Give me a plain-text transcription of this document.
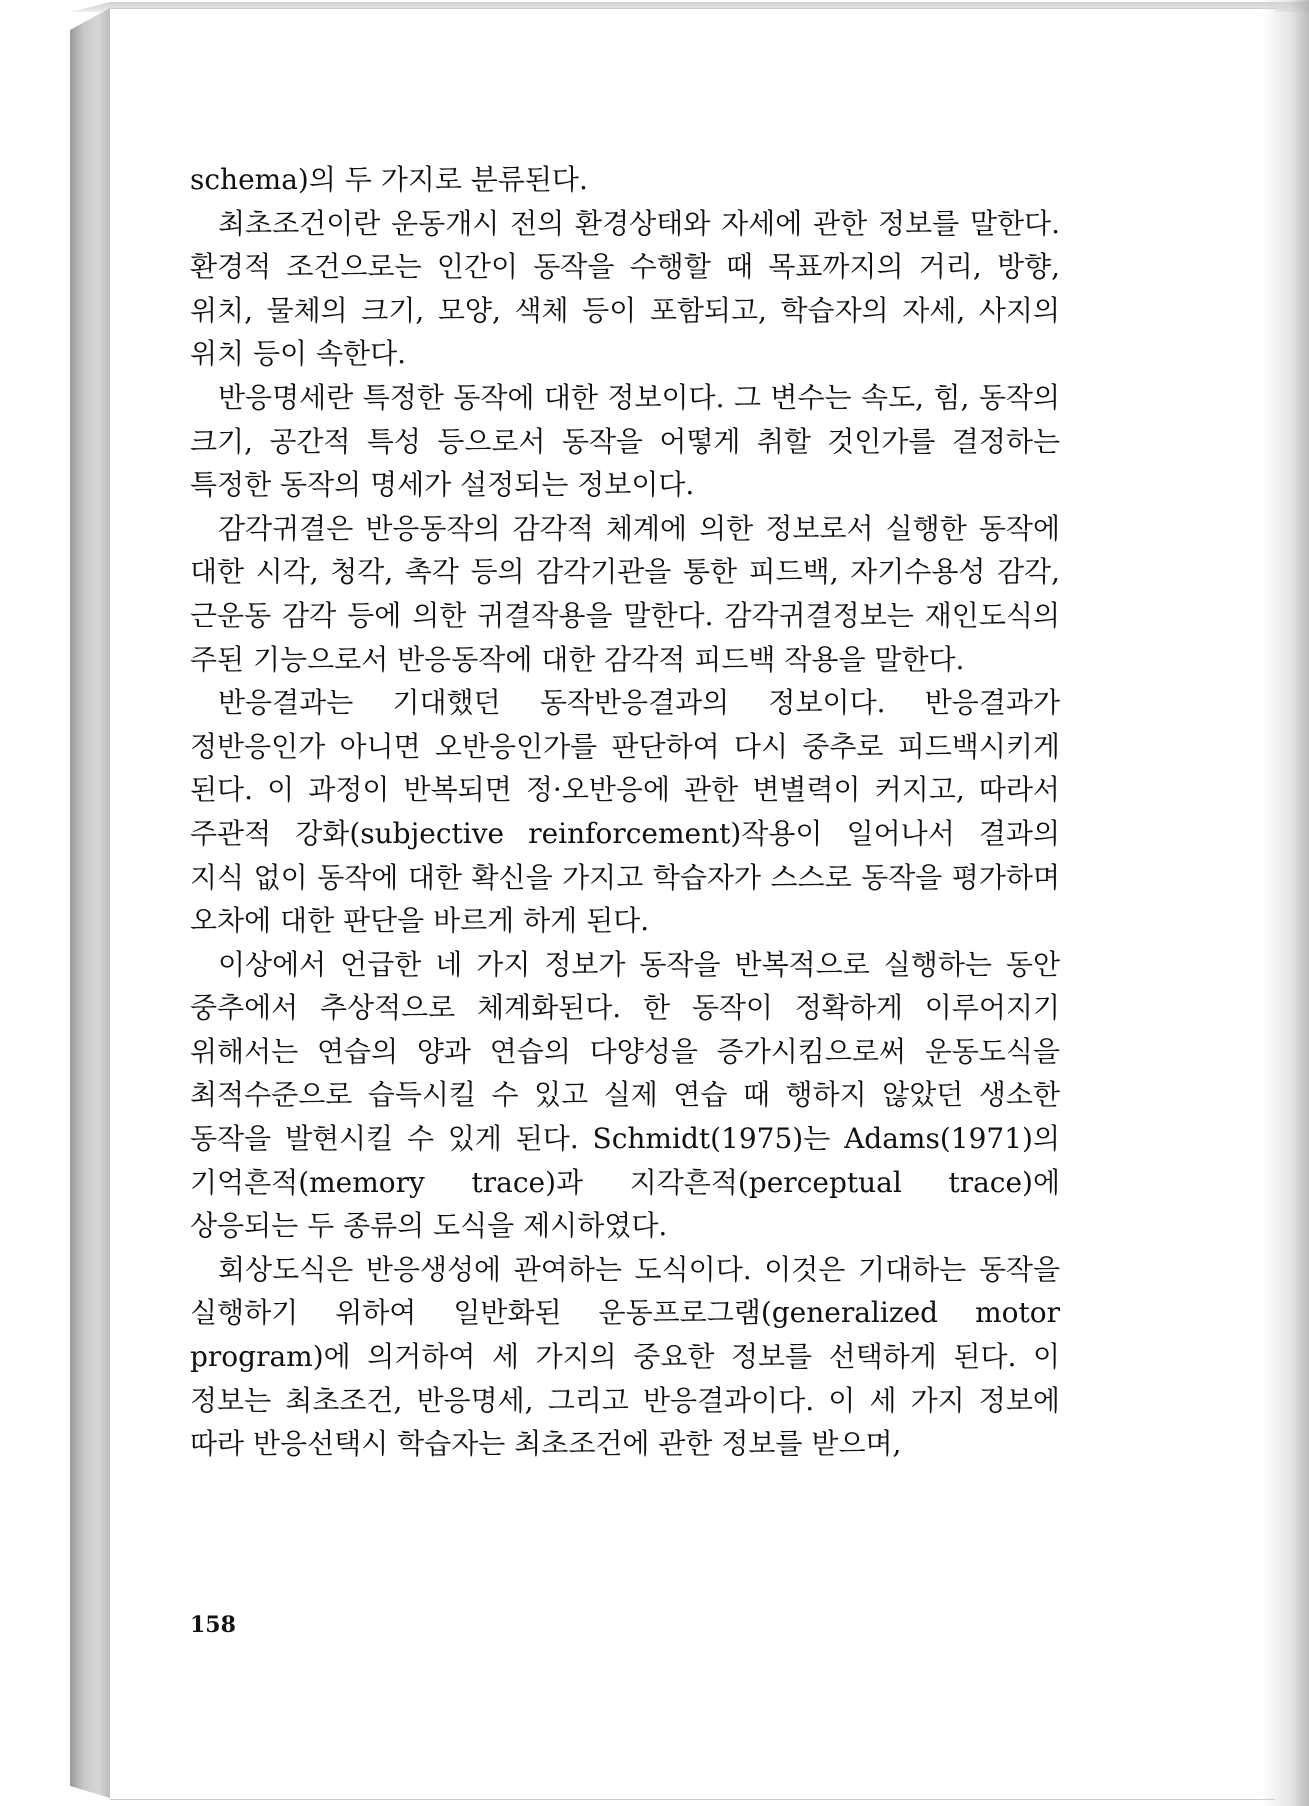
schema)의 두 가지로 분류된다.

최초조건이란 운동개시 전의 환경상태와 자세에 관한 정보를 말한다. 환경적 조건으로는 인간이 동작을 수행할 때 목표까지의 거리, 방향, 위치, 물체의 크기, 모양, 색체 등이 포함되고, 학습자의 자세, 사지의 위치 등이 속한다.

반응명세란 특정한 동작에 대한 정보이다. 그 변수는 속도, 힘, 동작의 크기, 공간적 특성 등으로서 동작을 어떻게 취할 것인가를 결정하는 특정한 동작의 명세가 설정되는 정보이다.

감각귀결은 반응동작의 감각적 체계에 의한 정보로서 실행한 동작에 대한 시각, 청각, 촉각 등의 감각기관을 통한 피드백, 자기수용성 감각, 근운동 감각 등에 의한 귀결작용을 말한다. 감각귀결정보는 재인도식의 주된 기능으로서 반응동작에 대한 감각적 피드백 작용을 말한다.

반응결과는 기대했던 동작반응결과의 정보이다. 반응결과가 정반응인가 아니면 오반응인가를 판단하여 다시 중추로 피드백시키게 된다. 이 과정이 반복되면 정·오반응에 관한 변별력이 커지고, 따라서 주관적 강화(subjective reinforcement)작용이 일어나서 결과의 지식 없이 동작에 대한 확신을 가지고 학습자가 스스로 동작을 평가하며 오차에 대한 판단을 바르게 하게 된다.

이상에서 언급한 네 가지 정보가 동작을 반복적으로 실행하는 동안 중추에서 추상적으로 체계화된다. 한 동작이 정확하게 이루어지기 위해서는 연습의 양과 연습의 다양성을 증가시킴으로써 운동도식을 최적수준으로 습득시킬 수 있고 실제 연습 때 행하지 않았던 생소한 동작을 발현시킬 수 있게 된다. Schmidt(1975)는 Adams(1971)의 기억흔적(memory trace)과 지각흔적(perceptual trace)에 상응되는 두 종류의 도식을 제시하였다.

회상도식은 반응생성에 관여하는 도식이다. 이것은 기대하는 동작을 실행하기 위하여 일반화된 운동프로그램(generalized motor program)에 의거하여 세 가지의 중요한 정보를 선택하게 된다. 이 정보는 최초조건, 반응명세, 그리고 반응결과이다. 이 세 가지 정보에 따라 반응선택시 학습자는 최초조건에 관한 정보를 받으며,

158
